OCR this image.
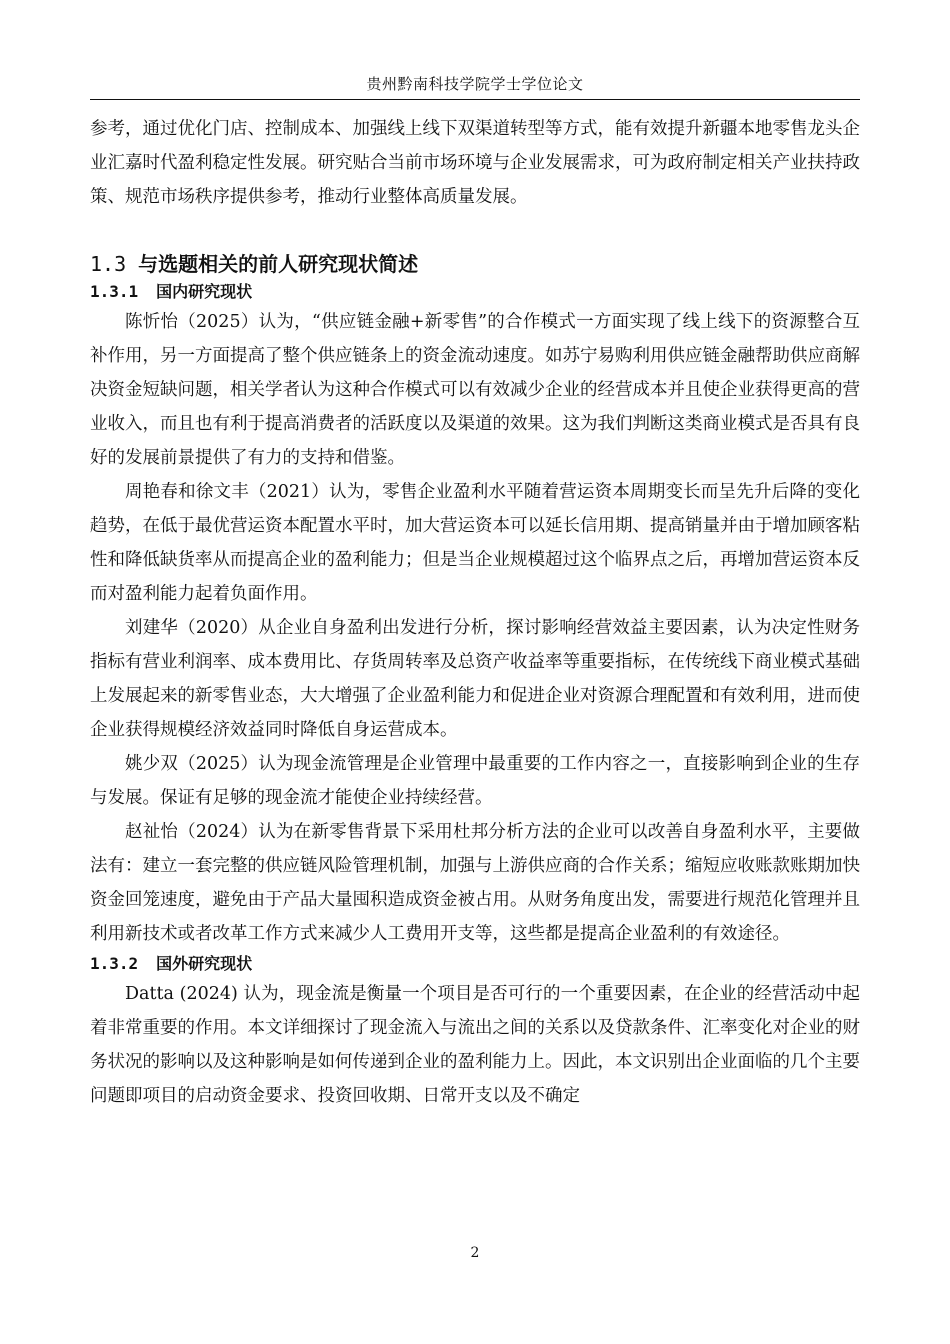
贵州黔南科技学院学士学位论文

参考，通过优化门店、控制成本、加强线上线下双渠道转型等方式，能有效提升新疆本地零售龙头企业汇嘉时代盈利稳定性发展。研究贴合当前市场环境与企业发展需求，可为政府制定相关产业扶持政策、规范市场秩序提供参考，推动行业整体高质量发展。

1.3 与选题相关的前人研究现状简述
1.3.1 国内研究现状

陈忻怡（2025）认为，“供应链金融+新零售”的合作模式一方面实现了线上线下的资源整合互补作用，另一方面提高了整个供应链条上的资金流动速度。如苏宁易购利用供应链金融帮助供应商解决资金短缺问题，相关学者认为这种合作模式可以有效减少企业的经营成本并且使企业获得更高的营业收入，而且也有利于提高消费者的活跃度以及渠道的效果。这为我们判断这类商业模式是否具有良好的发展前景提供了有力的支持和借鉴。

周艳春和徐文丰（2021）认为，零售企业盈利水平随着营运资本周期变长而呈先升后降的变化趋势，在低于最优营运资本配置水平时，加大营运资本可以延长信用期、提高销量并由于增加顾客粘性和降低缺货率从而提高企业的盈利能力；但是当企业规模超过这个临界点之后，再增加营运资本反而对盈利能力起着负面作用。

刘建华（2020）从企业自身盈利出发进行分析，探讨影响经营效益主要因素，认为决定性财务指标有营业利润率、成本费用比、存货周转率及总资产收益率等重要指标，在传统线下商业模式基础上发展起来的新零售业态，大大增强了企业盈利能力和促进企业对资源合理配置和有效利用，进而使企业获得规模经济效益同时降低自身运营成本。

姚少双（2025）认为现金流管理是企业管理中最重要的工作内容之一，直接影响到企业的生存与发展。保证有足够的现金流才能使企业持续经营。

赵祉怡（2024）认为在新零售背景下采用杜邦分析方法的企业可以改善自身盈利水平，主要做法有：建立一套完整的供应链风险管理机制，加强与上游供应商的合作关系；缩短应收账款账期加快资金回笼速度，避免由于产品大量囤积造成资金被占用。从财务角度出发，需要进行规范化管理并且利用新技术或者改革工作方式来减少人工费用开支等，这些都是提高企业盈利的有效途径。

1.3.2 国外研究现状

Datta (2024) 认为，现金流是衡量一个项目是否可行的一个重要因素，在企业的经营活动中起着非常重要的作用。本文详细探讨了现金流入与流出之间的关系以及贷款条件、汇率变化对企业的财务状况的影响以及这种影响是如何传递到企业的盈利能力上。因此，本文识别出企业面临的几个主要问题即项目的启动资金要求、投资回收期、日常开支以及不确定

2
